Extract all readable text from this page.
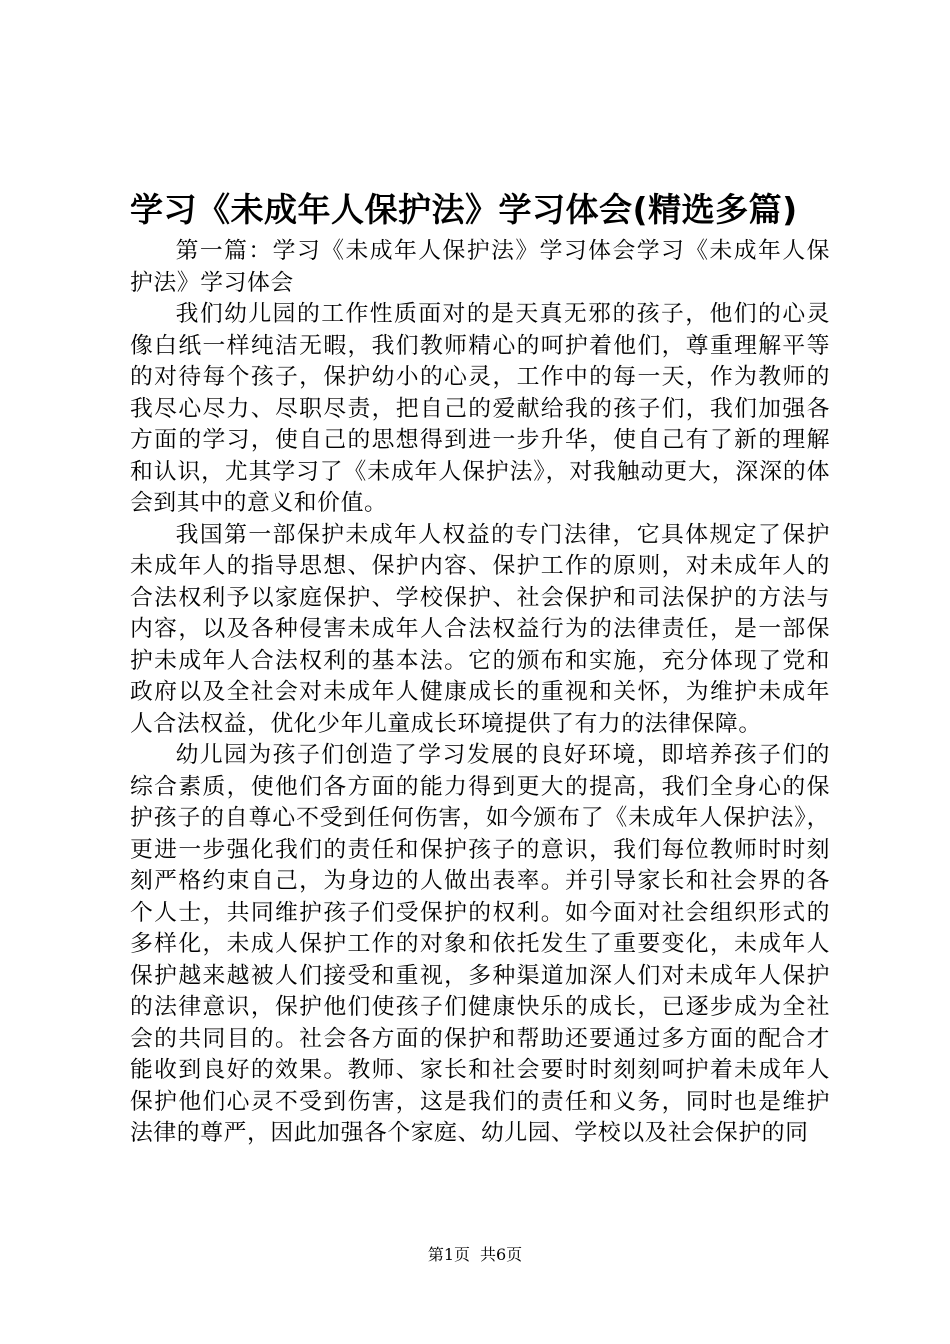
学习《未成年人保护法》学习体会(精选多篇)

第一篇：学习《未成年人保护法》学习体会学习《未成年人保护法》学习体会

我们幼儿园的工作性质面对的是天真无邪的孩子，他们的心灵像白纸一样纯洁无暇，我们教师精心的呵护着他们，尊重理解平等的对待每个孩子，保护幼小的心灵，工作中的每一天，作为教师的我尽心尽力、尽职尽责，把自己的爱献给我的孩子们，我们加强各方面的学习，使自己的思想得到进一步升华，使自己有了新的理解和认识，尤其学习了《未成年人保护法》，对我触动更大，深深的体会到其中的意义和价值。

我国第一部保护未成年人权益的专门法律，它具体规定了保护未成年人的指导思想、保护内容、保护工作的原则，对未成年人的合法权利予以家庭保护、学校保护、社会保护和司法保护的方法与内容，以及各种侵害未成年人合法权益行为的法律责任，是一部保护未成年人合法权利的基本法。它的颁布和实施，充分体现了党和政府以及全社会对未成年人健康成长的重视和关怀，为维护未成年人合法权益，优化少年儿童成长环境提供了有力的法律保障。

幼儿园为孩子们创造了学习发展的良好环境，即培养孩子们的综合素质，使他们各方面的能力得到更大的提高，我们全身心的保护孩子的自尊心不受到任何伤害，如今颁布了《未成年人保护法》，更进一步强化我们的责任和保护孩子的意识，我们每位教师时时刻刻严格约束自己，为身边的人做出表率。并引导家长和社会界的各个人士，共同维护孩子们受保护的权利。如今面对社会组织形式的多样化，未成人保护工作的对象和依托发生了重要变化，未成年人保护越来越被人们接受和重视，多种渠道加深人们对未成年人保护的法律意识，保护他们使孩子们健康快乐的成长，已逐步成为全社会的共同目的。社会各方面的保护和帮助还要通过多方面的配合才能收到良好的效果。教师、家长和社会要时时刻刻呵护着未成年人保护他们心灵不受到伤害，这是我们的责任和义务，同时也是维护法律的尊严，因此加强各个家庭、幼儿园、学校以及社会保护的同

第1页 共6页
